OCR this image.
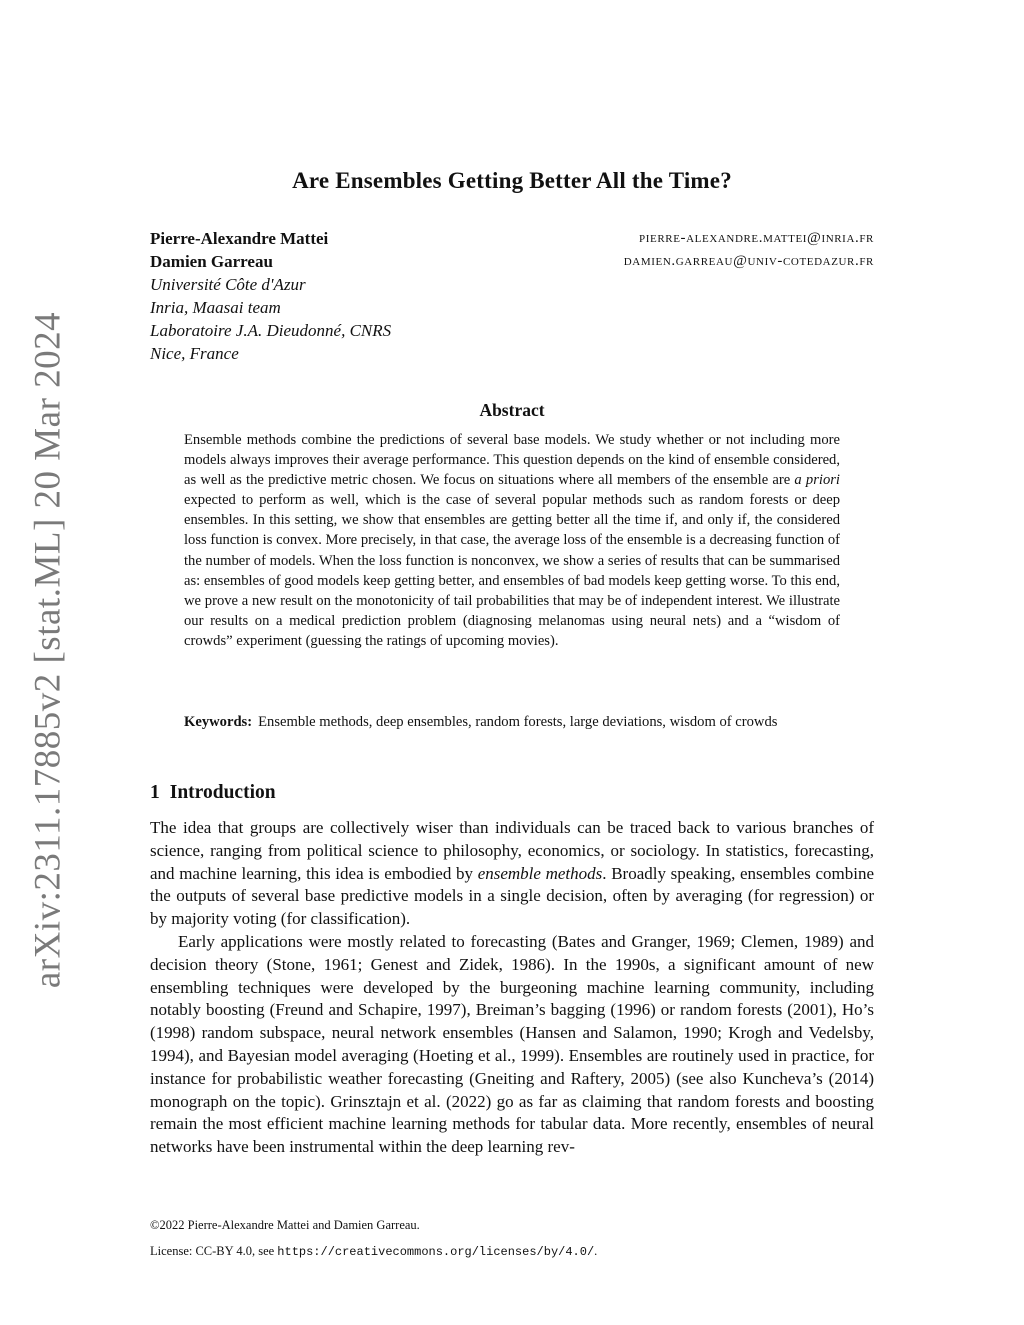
arXiv:2311.17885v2 [stat.ML] 20 Mar 2024
Are Ensembles Getting Better All the Time?
Pierre-Alexandre Mattei	pierre-alexandre.mattei@inria.fr
Damien Garreau	damien.garreau@univ-cotedazur.fr
Université Côte d'Azur
Inria, Maasai team
Laboratoire J.A. Dieudonné, CNRS
Nice, France
Abstract
Ensemble methods combine the predictions of several base models. We study whether or not including more models always improves their average performance. This question depends on the kind of ensemble considered, as well as the predictive metric chosen. We focus on situations where all members of the ensemble are a priori expected to perform as well, which is the case of several popular methods such as random forests or deep ensembles. In this setting, we show that ensembles are getting better all the time if, and only if, the considered loss function is convex. More precisely, in that case, the average loss of the ensemble is a decreasing function of the number of models. When the loss function is nonconvex, we show a series of results that can be summarised as: ensembles of good models keep getting better, and ensembles of bad models keep getting worse. To this end, we prove a new result on the monotonicity of tail probabilities that may be of independent interest. We illustrate our results on a medical prediction problem (diagnosing melanomas using neural nets) and a “wisdom of crowds” experiment (guessing the ratings of upcoming movies).
Keywords: Ensemble methods, deep ensembles, random forests, large deviations, wisdom of crowds
1 Introduction

The idea that groups are collectively wiser than individuals can be traced back to various branches of science, ranging from political science to philosophy, economics, or sociology. In statistics, forecasting, and machine learning, this idea is embodied by ensemble methods. Broadly speaking, ensembles combine the outputs of several base predictive models in a single decision, often by averaging (for regression) or by majority voting (for classification).

Early applications were mostly related to forecasting (Bates and Granger, 1969; Clemen, 1989) and decision theory (Stone, 1961; Genest and Zidek, 1986). In the 1990s, a significant amount of new ensembling techniques were developed by the burgeoning machine learning community, including notably boosting (Freund and Schapire, 1997), Breiman’s bagging (1996) or random forests (2001), Ho’s (1998) random subspace, neural network ensembles (Hansen and Salamon, 1990; Krogh and Vedelsby, 1994), and Bayesian model averaging (Hoeting et al., 1999). Ensembles are routinely used in practice, for instance for probabilistic weather forecasting (Gneiting and Raftery, 2005) (see also Kuncheva’s (2014) monograph on the topic). Grinsztajn et al. (2022) go as far as claiming that random forests and boosting remain the most efficient machine learning methods for tabular data. More recently, ensembles of neural networks have been instrumental within the deep learning rev-

©2022 Pierre-Alexandre Mattei and Damien Garreau.
License: CC-BY 4.0, see https://creativecommons.org/licenses/by/4.0/.
